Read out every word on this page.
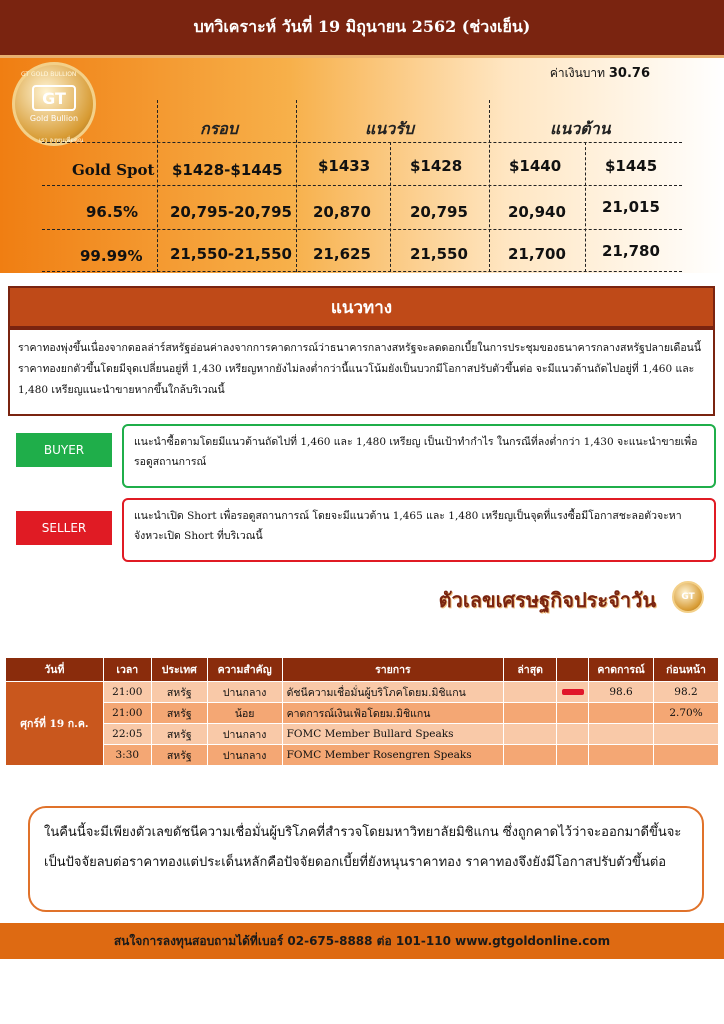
บทวิเคราะห์ วันที่ 19 มิถุนายน 2562 (ช่วงเย็น)
GT GOLD BULLION
GT
Gold Bullion
เรา ลงทุนเพื่อคุณ
ค่าเงินบาท 30.76
กรอบ	แนวรับ	แนวต้าน
Gold Spot $1428-$1445 $1433	$1428	$1440	$1445
96.5% 20,795-20,795 20,870	20,795	20,940 21,015
99.99% 21,550-21,550 21,625	21,550	21,700 21,780
แนวทาง
ราคาทองพุ่งขึ้นเนื่องจากดอลล่าร์สหรัฐอ่อนค่าลงจากการคาดการณ์ว่าธนาคารกลางสหรัฐจะลดดอกเบี้ยในการประชุมของธนาคารกลางสหรัฐปลายเดือนนี้ ราคาทองยกตัวขึ้นโดยมีจุดเปลี่ยนอยู่ที่ 1,430 เหรียญหากยังไม่ลงต่ำกว่านี้แนวโน้มยังเป็นบวกมีโอกาสปรับตัวขึ้นต่อ จะมีแนวต้านถัดไปอยู่ที่ 1,460 และ 1,480 เหรียญแนะนำขายหากขึ้นใกล้บริเวณนี้
BUYER
แนะนำซื้อตามโดยมีแนวต้านถัดไปที่ 1,460 และ 1,480 เหรียญ เป็นเป้าทำกำไร ในกรณีที่ลงต่ำกว่า 1,430 จะแนะนำขายเพื่อรอดูสถานการณ์
SELLER
แนะนำเปิด Short เพื่อรอดูสถานการณ์ โดยจะมีแนวต้าน 1,465 และ 1,480 เหรียญเป็นจุดที่แรงซื้อมีโอกาสชะลอตัวจะหาจังหวะเปิด Short ที่บริเวณนี้
ตัวเลขเศรษฐกิจประจำวัน	GT
วันที่	เวลา	ประเทศ	ความสำคัญ	รายการ	ล่าสุด		คาดการณ์	ก่อนหน้า
ศุกร์ที่ 19 ก.ค.	21:00	สหรัฐ	ปานกลาง	ดัชนีความเชื่อมั่นผู้บริโภคโดยม.มิชิแกน			98.6	98.2
	21:00	สหรัฐ	น้อย	คาดการณ์เงินเฟ้อโดยม.มิชิแกน				2.70%
	22:05	สหรัฐ	ปานกลาง	FOMC Member Bullard Speaks				
	3:30	สหรัฐ	ปานกลาง	FOMC Member Rosengren Speaks				
ในคืนนี้จะมีเพียงตัวเลขดัชนีความเชื่อมั่นผู้บริโภคที่สำรวจโดยมหาวิทยาลัยมิชิแกน ซึ่งถูกคาดไว้ว่าจะออกมาดีขึ้นจะเป็นปัจจัยลบต่อราคาทองแต่ประเด็นหลักคือปัจจัยดอกเบี้ยที่ยังหนุนราคาทอง ราคาทองจึงยังมีโอกาสปรับตัวขึ้นต่อ
สนใจการลงทุนสอบถามได้ที่เบอร์ 02-675-8888 ต่อ 101-110 www.gtgoldonline.com
